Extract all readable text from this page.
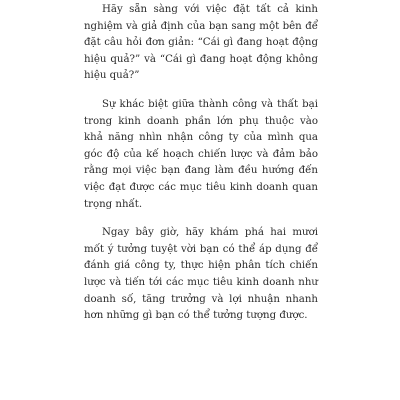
Hãy sẵn sàng với việc đặt tất cả kinh nghiệm và giả định của bạn sang một bên để đặt câu hỏi đơn giản: “Cái gì đang hoạt động hiệu quả?” và “Cái gì đang hoạt động không hiệu quả?”

Sự khác biệt giữa thành công và thất bại trong kinh doanh phần lớn phụ thuộc vào khả năng nhìn nhận công ty của mình qua góc độ của kế hoạch chiến lược và đảm bảo rằng mọi việc bạn đang làm đều hướng đến việc đạt được các mục tiêu kinh doanh quan trọng nhất.

Ngay bây giờ, hãy khám phá hai mươi mốt ý tưởng tuyệt vời bạn có thể áp dụng để đánh giá công ty, thực hiện phân tích chiến lược và tiến tới các mục tiêu kinh doanh như doanh số, tăng trưởng và lợi nhuận nhanh hơn những gì bạn có thể tưởng tượng được.
